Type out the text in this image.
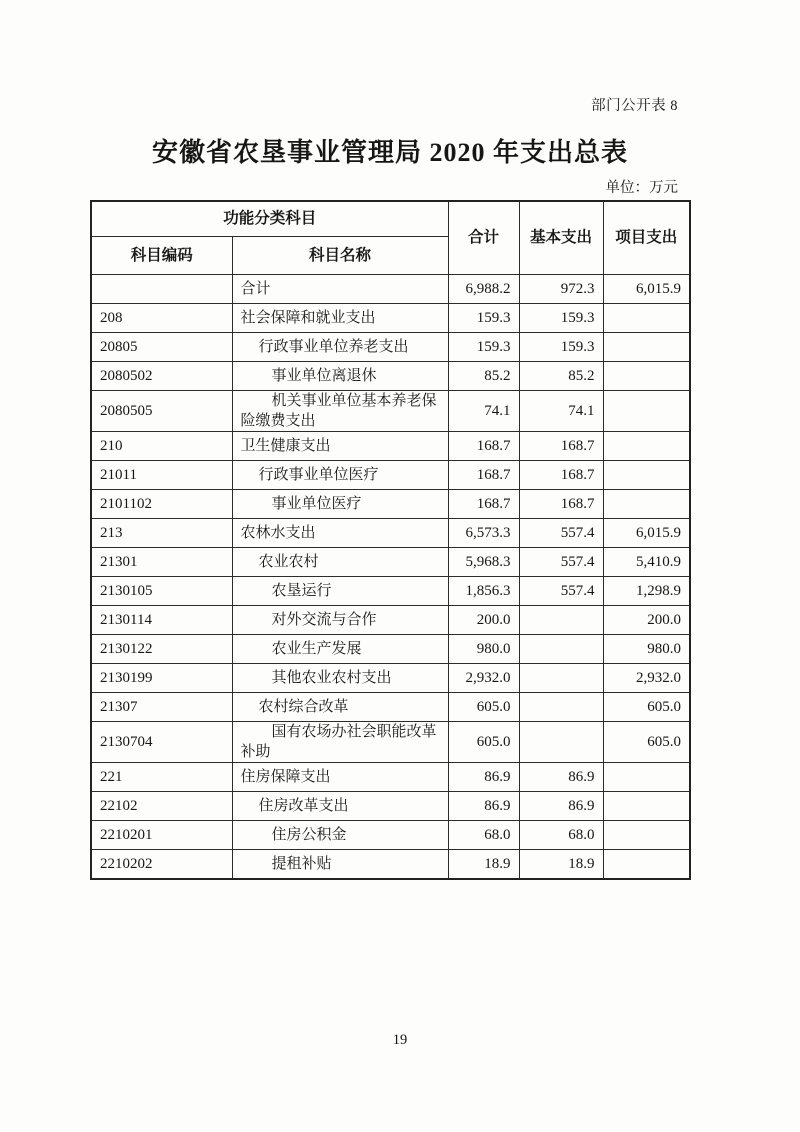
部门公开表 8
安徽省农垦事业管理局 2020 年支出总表
单位：万元
功能分类科目		合计	基本支出	项目支出
科目编码	科目名称			
	合计	6,988.2	972.3	6,015.9
208	社会保障和就业支出	159.3	159.3	
20805	行政事业单位养老支出	159.3	159.3	
2080502	事业单位离退休	85.2	85.2	
2080505	机关事业单位基本养老保险缴费支出	74.1	74.1	
210	卫生健康支出	168.7	168.7	
21011	行政事业单位医疗	168.7	168.7	
2101102	事业单位医疗	168.7	168.7	
213	农林水支出	6,573.3	557.4	6,015.9
21301	农业农村	5,968.3	557.4	5,410.9
2130105	农垦运行	1,856.3	557.4	1,298.9
2130114	对外交流与合作	200.0		200.0
2130122	农业生产发展	980.0		980.0
2130199	其他农业农村支出	2,932.0		2,932.0
21307	农村综合改革	605.0		605.0
2130704	国有农场办社会职能改革补助	605.0		605.0
221	住房保障支出	86.9	86.9	
22102	住房改革支出	86.9	86.9	
2210201	住房公积金	68.0	68.0	
2210202	提租补贴	18.9	18.9	
19
